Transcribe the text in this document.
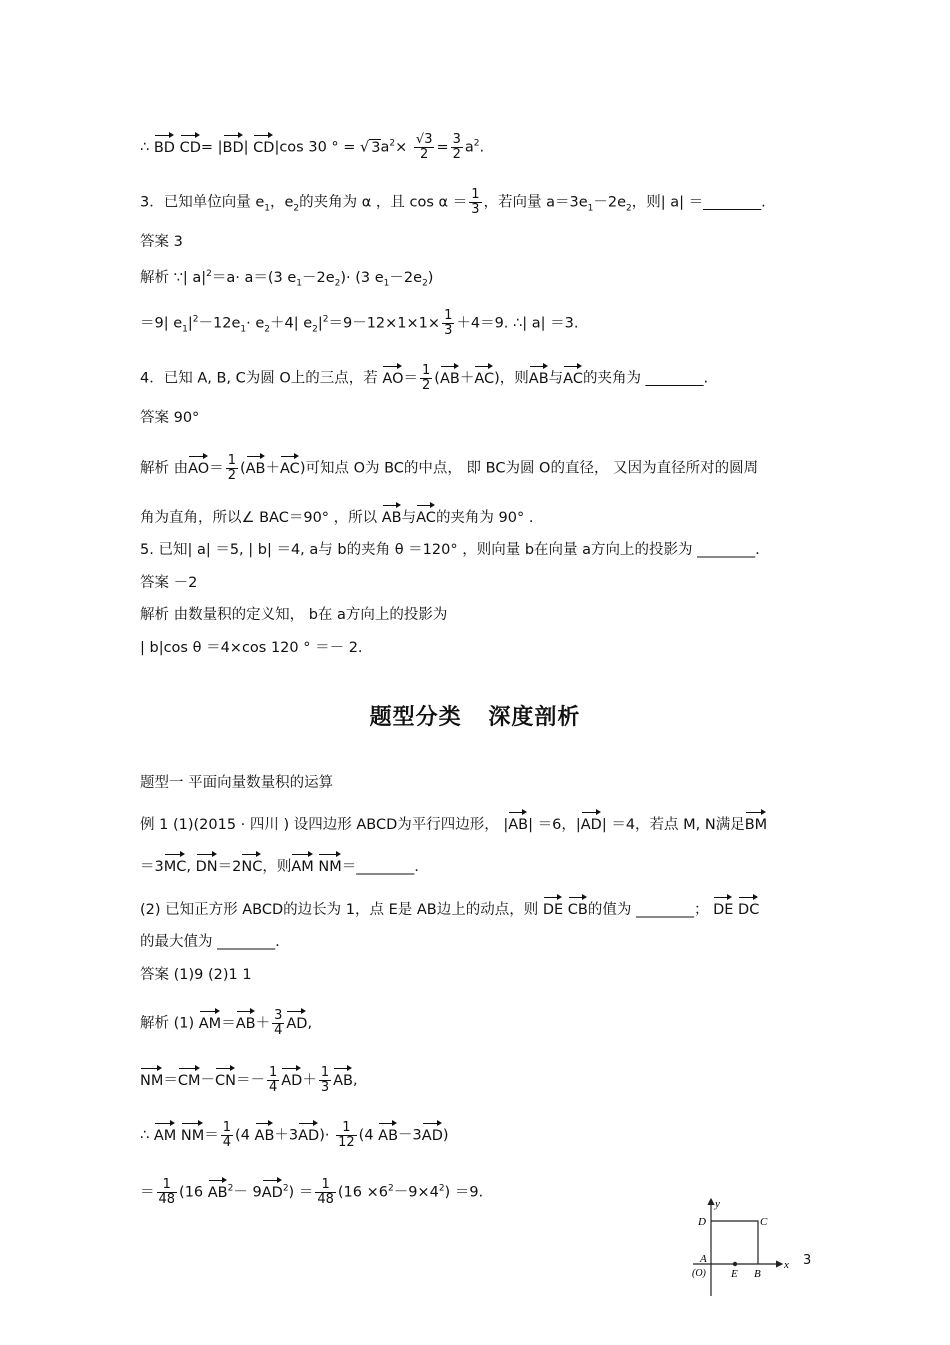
∴ BD CD= |BD| CD|cos 30 ° = √ $3a^2\times \frac{√3}{2} = \frac{3}{2} a^2$.
3．已知单位向量 $e_1$，$e_2$的夹角为 α ，且 $\cos \alpha = \frac{1}{3}$ ，若向量 $a=3e_1-2e_2$，则| a| ＝________.
答案 3
解析 ∵| $a|^2=a\cdot a=(3$ $e_1-2e_2)\cdot (3$ $e_1-2e_2$)
＝9| $e_1|^2-12e_1\cdot e_2+4|$ $e_2|^2=9-12\times 1\times 1\times \frac{1}{3} +4=9$. ∴| a| ＝3.
4．已知 A, B, C为圆 O上的三点，若 $AO= \frac{1}{2} (AB+AC)$，则AB与AC的夹角为 ________.
答案 90°
解析 由$AO= \frac{1}{2} (AB+AC)$可知点 O为 BC的中点， 即 BC为圆 O的直径， 又因为直径所对的圆周
角为直角，所以∠ BAC＝90° ，所以 AB与AC的夹角为 90° .
5. 已知| a| ＝5, | b| ＝4, a与 b的夹角 θ ＝120° ，则向量 b在向量 a方向上的投影为 ________.
答案 －2
解析 由数量积的定义知， b在 a方向上的投影为
| b|cos θ ＝4×cos 120 ° ＝－ 2.
题型分类 深度剖析
题型一 平面向量数量积的运算
例 1 (1)(2015 · 四川 ) 设四边形 ABCD为平行四边形， |AB| ＝6，|AD| ＝4，若点 M, N满足BM
＝3MC, DN＝2NC，则AM NM＝________.
(2) 已知正方形 ABCD的边长为 1，点 E是 AB边上的动点，则 DE CB的值为 ________； DE DC
的最大值为 ________.
答案 (1)9 (2)1 1
解析 (1) $AM=AB+ \frac{3}{4}$ AD,
$NM=CM-CN=- \frac{1}{4} AD+ \frac{1}{3}$ AB,
∴ AM $NM= \frac{1}{4} (4$ $AB+3AD)\cdot \frac{1}{12} (4$ AB－3AD)
＝ $\frac{1}{48} (16$ $AB^2- 9AD^2) = \frac{1}{48} (16 \times 6^2-9\times 4^2) =9$.
y
x
D	C
A
(O) E B
3
